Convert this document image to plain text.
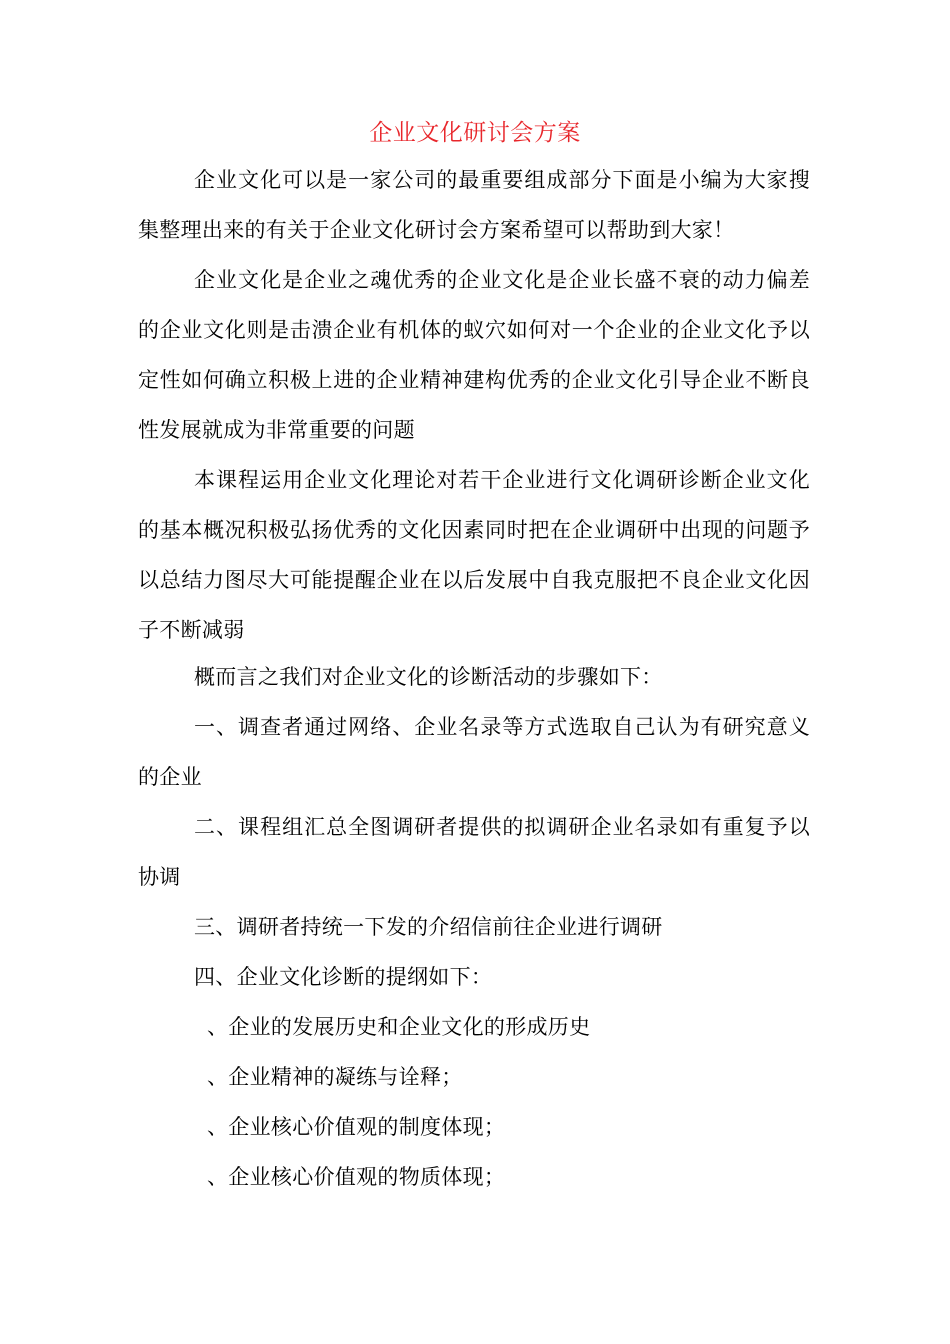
企业文化研讨会方案

企业文化可以是一家公司的最重要组成部分下面是小编为大家搜集整理出来的有关于企业文化研讨会方案希望可以帮助到大家！

企业文化是企业之魂优秀的企业文化是企业长盛不衰的动力偏差的企业文化则是击溃企业有机体的蚁穴如何对一个企业的企业文化予以定性如何确立积极上进的企业精神建构优秀的企业文化引导企业不断良性发展就成为非常重要的问题

本课程运用企业文化理论对若干企业进行文化调研诊断企业文化的基本概况积极弘扬优秀的文化因素同时把在企业调研中出现的问题予以总结力图尽大可能提醒企业在以后发展中自我克服把不良企业文化因子不断减弱

概而言之我们对企业文化的诊断活动的步骤如下：

一、调查者通过网络、企业名录等方式选取自己认为有研究意义的企业

二、课程组汇总全图调研者提供的拟调研企业名录如有重复予以协调

三、调研者持统一下发的介绍信前往企业进行调研

四、企业文化诊断的提纲如下：

、企业的发展历史和企业文化的形成历史

、企业精神的凝练与诠释；

、企业核心价值观的制度体现；

、企业核心价值观的物质体现；
